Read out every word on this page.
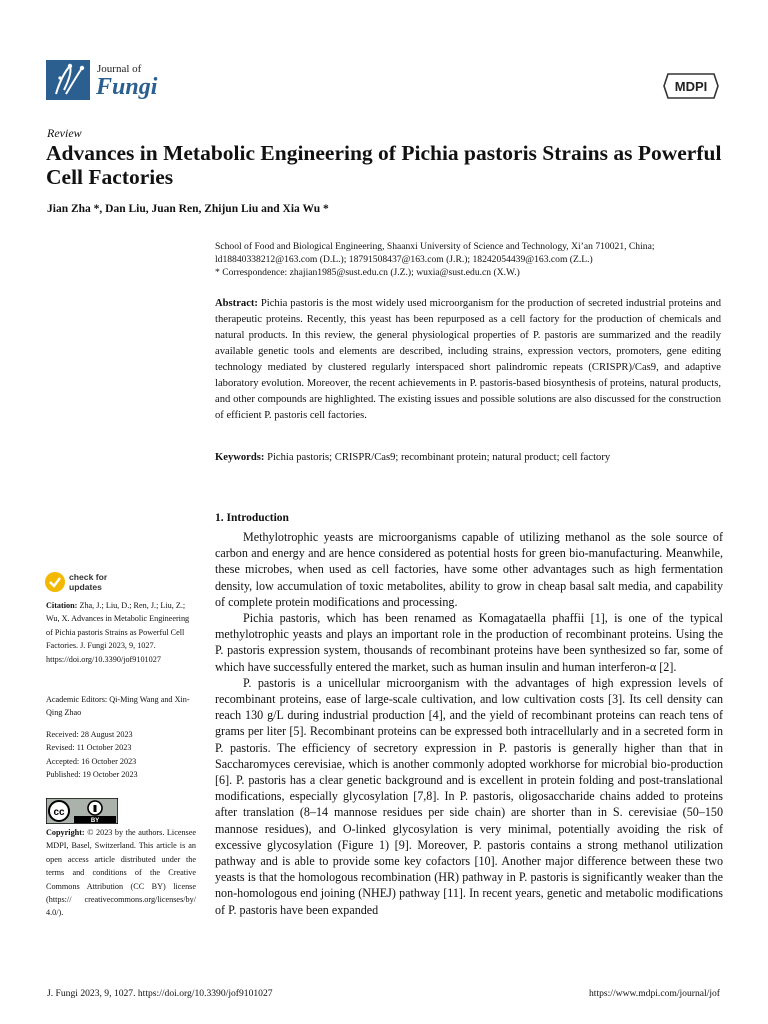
Journal of
Fungi	MDPI
Review
Advances in Metabolic Engineering of Pichia pastoris Strains as Powerful Cell Factories
Jian Zha *, Dan Liu, Juan Ren, Zhijun Liu and Xia Wu *
School of Food and Biological Engineering, Shaanxi University of Science and Technology, Xi’an 710021, China;
ld18840338212@163.com (D.L.); 18791508437@163.com (J.R.); 18242054439@163.com (Z.L.)
* Correspondence: zhajian1985@sust.edu.cn (J.Z.); wuxia@sust.edu.cn (X.W.)

Abstract: Pichia pastoris is the most widely used microorganism for the production of secreted industrial proteins and therapeutic proteins. Recently, this yeast has been repurposed as a cell factory for the production of chemicals and natural products. In this review, the general physiological properties of P. pastoris are summarized and the readily available genetic tools and elements are described, including strains, expression vectors, promoters, gene editing technology mediated by clustered regularly interspaced short palindromic repeats (CRISPR)/Cas9, and adaptive laboratory evolution. Moreover, the recent achievements in P. pastoris-based biosynthesis of proteins, natural products, and other compounds are highlighted. The existing issues and possible solutions are also discussed for the construction of efficient P. pastoris cell factories.

Keywords: Pichia pastoris; CRISPR/Cas9; recombinant protein; natural product; cell factory
1. Introduction

Methylotrophic yeasts are microorganisms capable of utilizing methanol as the sole source of carbon and energy and are hence considered as potential hosts for green bio-manufacturing. Meanwhile, these microbes, when used as cell factories, have some other advantages such as high fermentation density, low accumulation of toxic metabolites, ability to grow in cheap basal salt media, and capability of complete protein modifications and processing.

Pichia pastoris, which has been renamed as Komagataella phaffii [1], is one of the typical methylotrophic yeasts and plays an important role in the production of recombinant proteins. Using the P. pastoris expression system, thousands of recombinant proteins have been synthesized so far, some of which have successfully entered the market, such as human insulin and human interferon-α [2].

P. pastoris is a unicellular microorganism with the advantages of high expression levels of recombinant proteins, ease of large-scale cultivation, and low cultivation costs [3]. Its cell density can reach 130 g/L during industrial production [4], and the yield of recombinant proteins can reach tens of grams per liter [5]. Recombinant proteins can be expressed both intracellularly and in a secreted form in P. pastoris. The efficiency of secretory expression in P. pastoris is generally higher than that in Saccharomyces cerevisiae, which is another commonly adopted workhorse for microbial bio-production [6]. P. pastoris has a clear genetic background and is excellent in protein folding and post-translational modifications, especially glycosylation [7,8]. In P. pastoris, oligosaccharide chains added to proteins after translation (8–14 mannose residues per side chain) are shorter than in S. cerevisiae (50–150 mannose residues), and O-linked glycosylation is very minimal, potentially avoiding the risk of excessive glycosylation (Figure 1) [9]. Moreover, P. pastoris contains a strong methanol utilization pathway and is able to provide some key cofactors [10]. Another major difference between these two yeasts is that the homologous recombination (HR) pathway in P. pastoris is significantly weaker than the non-homologous end joining (NHEJ) pathway [11]. In recent years, genetic and metabolic modifications of P. pastoris have been expanded

check for
updates

Citation: Zha, J.; Liu, D.; Ren, J.; Liu, Z.; Wu, X. Advances in Metabolic Engineering of Pichia pastoris Strains as Powerful Cell Factories. J. Fungi 2023, 9, 1027. https://doi.org/10.3390/jof9101027

Academic Editors: Qi-Ming Wang and Xin-Qing Zhao

Received: 28 August 2023

Revised: 11 October 2023

Accepted: 16 October 2023

Published: 19 October 2023

cc
BY

Copyright: © 2023 by the authors. Licensee MDPI, Basel, Switzerland. This article is an open access article distributed under the terms and conditions of the Creative Commons Attribution (CC BY) license (https:// creativecommons.org/licenses/by/ 4.0/).

J. Fungi 2023, 9, 1027. https://doi.org/10.3390/jof9101027	https://www.mdpi.com/journal/jof
